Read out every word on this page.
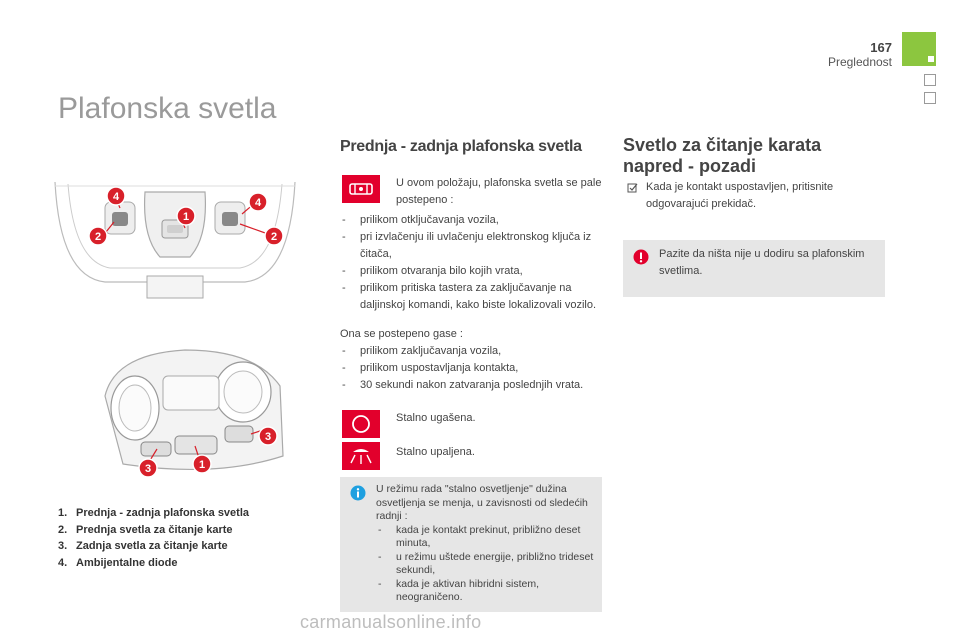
167
Preglednost
Plafonska svetla
4	4
1
2	2
3
3	1
1. Prednja - zadnja plafonska svetla
2. Prednja svetla za čitanje karte
3. Zadnja svetla za čitanje karte
4. Ambijentalne diode
Prednja - zadnja plafonska svetla
U ovom položaju, plafonska svetla se pale postepeno :
- prilikom otključavanja vozila,
- pri izvlačenju ili uvlačenju elektronskog ključa iz čitača,
- prilikom otvaranja bilo kojih vrata,
- prilikom pritiska tastera za zaključavanje na daljinskoj komandi, kako biste lokalizovali vozilo.
Ona se postepeno gase :
- prilikom zaključavanja vozila,
- prilikom uspostavljanja kontakta,
- 30 sekundi nakon zatvaranja poslednjih vrata.
Stalno ugašena.
Stalno upaljena.
U režimu rada "stalno osvetljenje" dužina osvetljenja se menja, u zavisnosti od sledećih radnji :
- kada je kontakt prekinut, približno deset minuta,
- u režimu uštede energije, približno trideset sekundi,
- kada je aktivan hibridni sistem, neograničeno.
Svetlo za čitanje karata napred - pozadi
Kada je kontakt uspostavljen, pritisnite odgovarajući prekidač.
Pazite da ništa nije u dodiru sa plafonskim svetlima.
carmanualsonline.info
